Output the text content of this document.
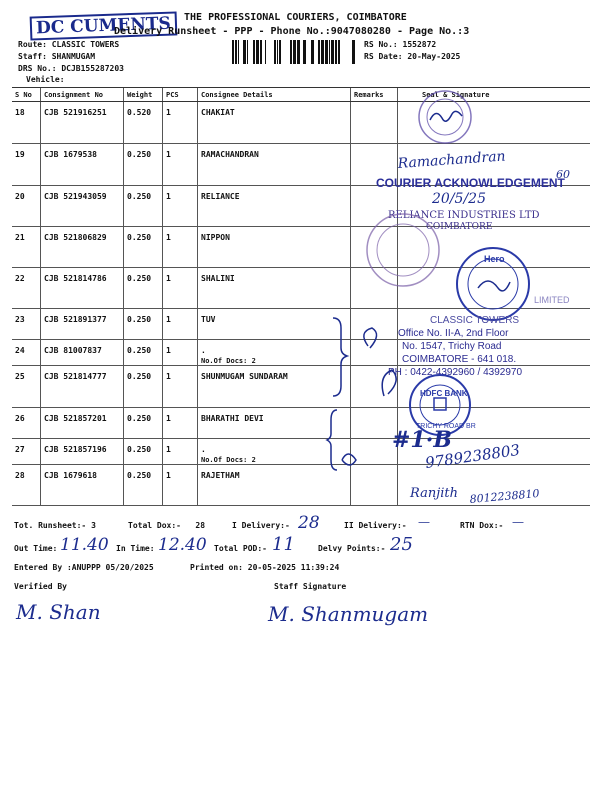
DC CUMENTS	THE PROFESSIONAL COURIERS, COIMBATORE
Delivery Runsheet - PPP - Phone No.:9047080280 - Page No.:3
Route: CLASSIC TOWERS
Staff: SHANMUGAM
DRS No.: DCJB155287203
Vehicle:
RS No.: 1552872
RS Date: 20-May-2025
S No	Consignment No	Weight	PCS	Consignee Details	Remarks	Seal & Signature
18	CJB 521916251	0.520	1	CHAKIAT		
19	CJB 1679538	0.250	1	RAMACHANDRAN		
20	CJB 521943059	0.250	1	RELIANCE		
21	CJB 521806829	0.250	1	NIPPON		
22	CJB 521814786	0.250	1	SHALINI		
23	CJB 521891377	0.250	1	TUV		
24	CJB 81007837	0.250	1	.
No.Of Docs: 2		

25	CJB 521814777	0.250	1	SHUNMUGAM SUNDARAM		
26	CJB 521857201	0.250	1	BHARATHI DEVI		
27	CJB 521857196	0.250	1	.
No.Of Docs: 2		

28	CJB 1679618	0.250	1	RAJETHAM		
Ramachandran
60
COURIER ACKNOWLEDGEMENT
20/5/25
RELIANCE INDUSTRIES LTD
COIMBATORE
Hero
LIMITED
CLASSIC TOWERS
Office No. II-A, 2nd Floor
No. 1547, Trichy Road
COIMBATORE - 641 018.
PH : 0422-4392960 / 4392970
HDFC BANK
TRICHY ROAD BR
#1·B
9789238803
Ranjith 8012238810
Tot. Runsheet:- 3	Total Dox:-   28	I Delivery:- 28	II Delivery:- —	RTN Dox:- —
Out Time: 11.40 In Time: 12.40 Total POD:- 11	Delvy Points:- 25
Entered By :ANUPPP 05/20/2025	Printed on: 20-05-2025 11:39:24
Verified By	Staff Signature
M. Shan	M. Shanmugam
